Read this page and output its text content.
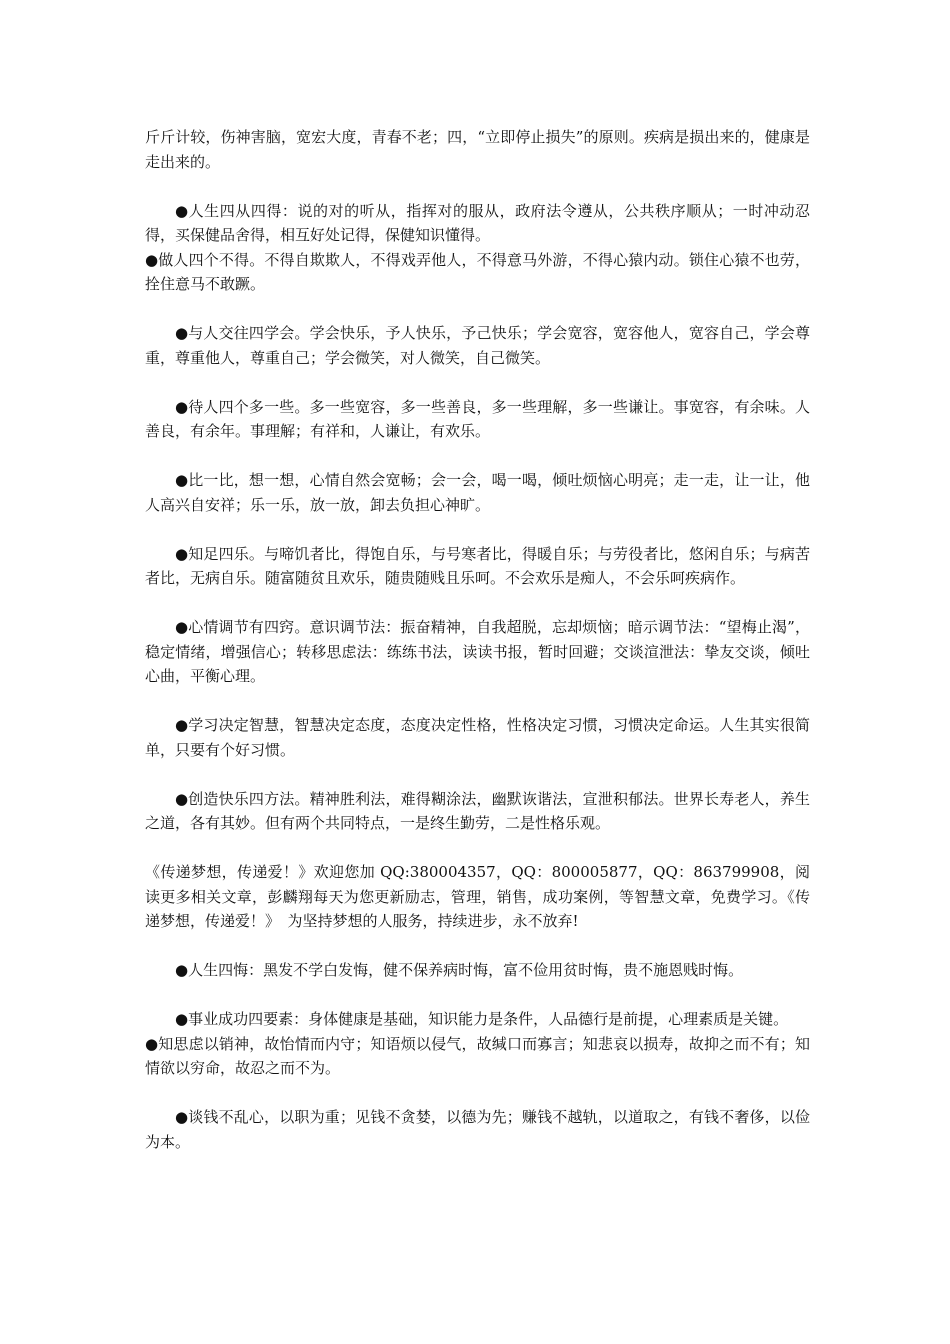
斤斤计较，伤神害脑，宽宏大度，青春不老；四，“立即停止损失”的原则。疾病是损出来的，健康是走出来的。

●人生四从四得：说的对的听从，指挥对的服从，政府法令遵从，公共秩序顺从；一时冲动忍得，买保健品舍得，相互好处记得，保健知识懂得。

●做人四个不得。不得自欺欺人，不得戏弄他人，不得意马外游，不得心猿内动。锁住心猿不也劳，拴住意马不敢蹶。

●与人交往四学会。学会快乐，予人快乐，予己快乐；学会宽容，宽容他人，宽容自己，学会尊重，尊重他人，尊重自己；学会微笑，对人微笑，自己微笑。

●待人四个多一些。多一些宽容，多一些善良，多一些理解，多一些谦让。事宽容，有余味。人善良，有余年。事理解；有祥和，人谦让，有欢乐。

●比一比，想一想，心情自然会宽畅；会一会，喝一喝，倾吐烦恼心明亮；走一走，让一让，他人高兴自安祥；乐一乐，放一放，卸去负担心神旷。

●知足四乐。与啼饥者比，得饱自乐，与号寒者比，得暖自乐；与劳役者比，悠闲自乐；与病苦者比，无病自乐。随富随贫且欢乐，随贵随贱且乐呵。不会欢乐是痴人，不会乐呵疾病作。

●心情调节有四窍。意识调节法：振奋精神，自我超脱，忘却烦恼；暗示调节法：“望梅止渴”，稳定情绪，增强信心；转移思虑法：练练书法，读读书报，暂时回避；交谈渲泄法：挚友交谈，倾吐心曲，平衡心理。

●学习决定智慧，智慧决定态度，态度决定性格，性格决定习惯，习惯决定命运。人生其实很简单，只要有个好习惯。

●创造快乐四方法。精神胜利法，难得糊涂法，幽默诙谐法，宣泄积郁法。世界长寿老人，养生之道，各有其妙。但有两个共同特点，一是终生勤劳，二是性格乐观。

《传递梦想，传递爱！》欢迎您加 QQ:380004357，QQ：800005877，QQ：863799908，阅读更多相关文章，彭麟翔每天为您更新励志，管理，销售，成功案例，等智慧文章，免费学习。《传递梦想，传递爱！》　为坚持梦想的人服务，持续进步，永不放弃!

●人生四悔：黑发不学白发悔，健不保养病时悔，富不俭用贫时悔，贵不施恩贱时悔。

●事业成功四要素：身体健康是基础，知识能力是条件，人品德行是前提，心理素质是关键。

●知思虑以销神，故怡情而内守；知语烦以侵气，故缄口而寡言；知悲哀以损寿，故抑之而不有；知情欲以穷命，故忍之而不为。

●谈钱不乱心，以职为重；见钱不贪婪，以德为先；赚钱不越轨，以道取之，有钱不奢侈，以俭为本。
